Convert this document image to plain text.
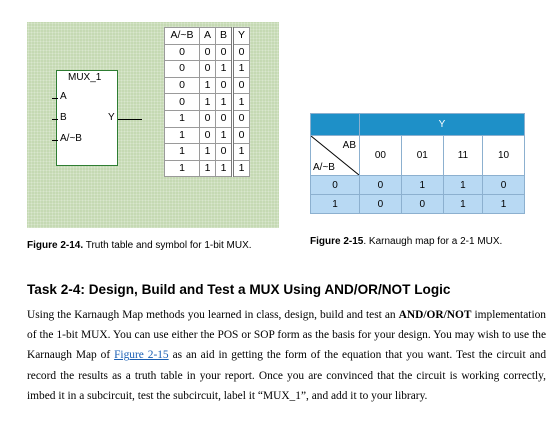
A/~B	A	B	Y
0	0	0	0
0	0	1	1
0	1	0	0
0	1	1	1
1	0	0	0
1	0	1	0
1	1	0	1
1	1	1	1
MUX_1
A
B
A/~B
Y
Figure 2-14. Truth table and symbol for 1-bit MUX.
	Y			

AB
A/~B	00	01	11	10
0	0	1	1	0
1	0	0	1	1
Figure 2-15. Karnaugh map for a 2-1 MUX.
Task 2-4: Design, Build and Test a MUX Using AND/OR/NOT Logic

Using the Karnaugh Map methods you learned in class, design, build and test an AND/OR/NOT implementation of the 1-bit MUX. You can use either the POS or SOP form as the basis for your design. You may wish to use the Karnaugh Map of Figure 2-15 as an aid in getting the form of the equation that you want. Test the circuit and record the results as a truth table in your report. Once you are convinced that the circuit is working correctly, imbed it in a subcircuit, test the subcircuit, label it “MUX_1”, and add it to your library.
